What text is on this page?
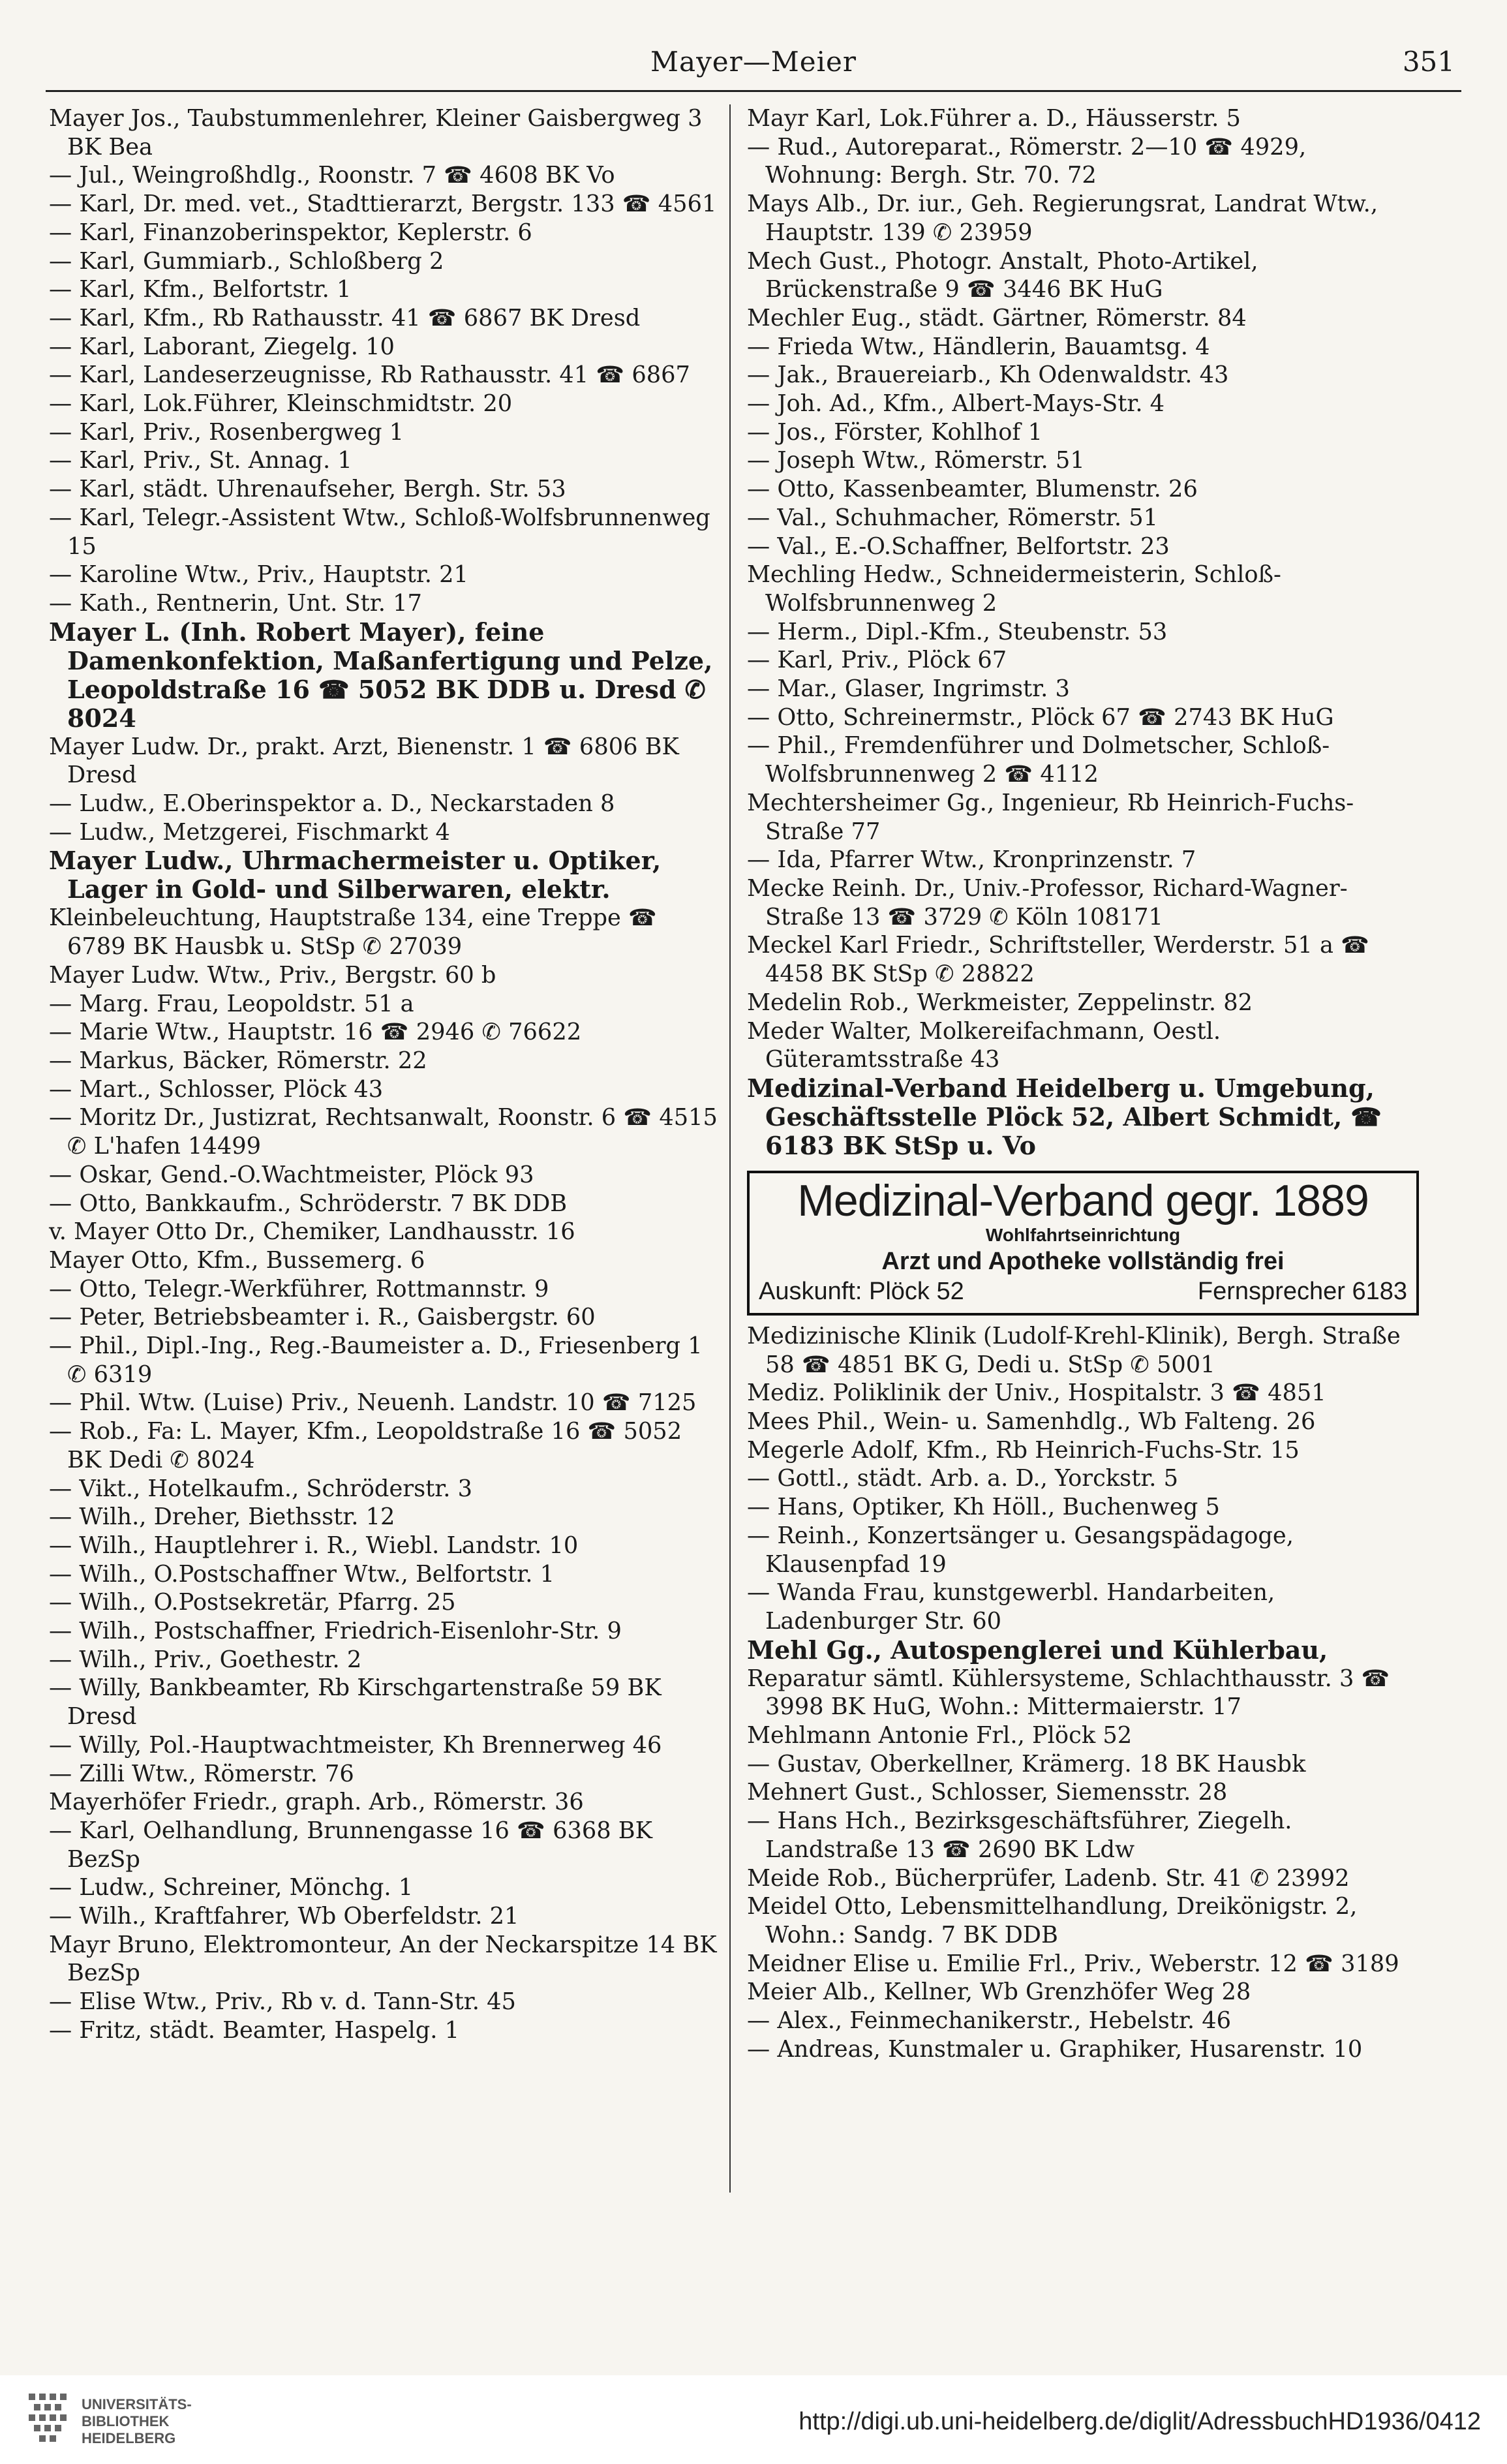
Mayer—Meier	351

Mayer Jos., Taubstummenlehrer, Kleiner Gaisbergweg 3 BK Bea

— Jul., Weingroßhdlg., Roonstr. 7 ☎ 4608 BK Vo

— Karl, Dr. med. vet., Stadttierarzt, Bergstr. 133 ☎ 4561

— Karl, Finanzoberinspektor, Keplerstr. 6

— Karl, Gummiarb., Schloßberg 2

— Karl, Kfm., Belfortstr. 1

— Karl, Kfm., Rb Rathausstr. 41 ☎ 6867 BK Dresd

— Karl, Laborant, Ziegelg. 10

— Karl, Landeserzeugnisse, Rb Rathausstr. 41 ☎ 6867

— Karl, Lok.Führer, Kleinschmidtstr. 20

— Karl, Priv., Rosenbergweg 1

— Karl, Priv., St. Annag. 1

— Karl, städt. Uhrenaufseher, Bergh. Str. 53

— Karl, Telegr.-Assistent Wtw., Schloß-Wolfsbrunnenweg 15

— Karoline Wtw., Priv., Hauptstr. 21

— Kath., Rentnerin, Unt. Str. 17

Mayer L. (Inh. Robert Mayer), feine Damenkonfektion, Maßanfertigung und Pelze, Leopoldstraße 16 ☎ 5052 BK DDB u. Dresd ✆ 8024

Mayer Ludw. Dr., prakt. Arzt, Bienenstr. 1 ☎ 6806 BK Dresd

— Ludw., E.Oberinspektor a. D., Neckarstaden 8

— Ludw., Metzgerei, Fischmarkt 4

Mayer Ludw., Uhrmachermeister u. Optiker, Lager in Gold- und Silberwaren, elektr.

Kleinbeleuchtung, Hauptstraße 134, eine Treppe ☎ 6789 BK Hausbk u. StSp ✆ 27039

Mayer Ludw. Wtw., Priv., Bergstr. 60 b

— Marg. Frau, Leopoldstr. 51 a

— Marie Wtw., Hauptstr. 16 ☎ 2946 ✆ 76622

— Markus, Bäcker, Römerstr. 22

— Mart., Schlosser, Plöck 43

— Moritz Dr., Justizrat, Rechtsanwalt, Roonstr. 6 ☎ 4515 ✆ L'hafen 14499

— Oskar, Gend.-O.Wachtmeister, Plöck 93

— Otto, Bankkaufm., Schröderstr. 7 BK DDB

v. Mayer Otto Dr., Chemiker, Landhausstr. 16

Mayer Otto, Kfm., Bussemerg. 6

— Otto, Telegr.-Werkführer, Rottmannstr. 9

— Peter, Betriebsbeamter i. R., Gaisbergstr. 60

— Phil., Dipl.-Ing., Reg.-Baumeister a. D., Friesenberg 1 ✆ 6319

— Phil. Wtw. (Luise) Priv., Neuenh. Landstr. 10 ☎ 7125

— Rob., Fa: L. Mayer, Kfm., Leopoldstraße 16 ☎ 5052 BK Dedi ✆ 8024

— Vikt., Hotelkaufm., Schröderstr. 3

— Wilh., Dreher, Biethsstr. 12

— Wilh., Hauptlehrer i. R., Wiebl. Landstr. 10

— Wilh., O.Postschaffner Wtw., Belfortstr. 1

— Wilh., O.Postsekretär, Pfarrg. 25

— Wilh., Postschaffner, Friedrich-Eisenlohr-Str. 9

— Wilh., Priv., Goethestr. 2

— Willy, Bankbeamter, Rb Kirschgartenstraße 59 BK Dresd

— Willy, Pol.-Hauptwachtmeister, Kh Brennerweg 46

— Zilli Wtw., Römerstr. 76

Mayerhöfer Friedr., graph. Arb., Römerstr. 36

— Karl, Oelhandlung, Brunnengasse 16 ☎ 6368 BK BezSp

— Ludw., Schreiner, Mönchg. 1

— Wilh., Kraftfahrer, Wb Oberfeldstr. 21

Mayr Bruno, Elektromonteur, An der Neckarspitze 14 BK BezSp

— Elise Wtw., Priv., Rb v. d. Tann-Str. 45

— Fritz, städt. Beamter, Haspelg. 1

Mayr Karl, Lok.Führer a. D., Häusserstr. 5

— Rud., Autoreparat., Römerstr. 2—10 ☎ 4929, Wohnung: Bergh. Str. 70. 72

Mays Alb., Dr. iur., Geh. Regierungsrat, Landrat Wtw., Hauptstr. 139 ✆ 23959

Mech Gust., Photogr. Anstalt, Photo-Artikel, Brückenstraße 9 ☎ 3446 BK HuG

Mechler Eug., städt. Gärtner, Römerstr. 84

— Frieda Wtw., Händlerin, Bauamtsg. 4

— Jak., Brauereiarb., Kh Odenwaldstr. 43

— Joh. Ad., Kfm., Albert-Mays-Str. 4

— Jos., Förster, Kohlhof 1

— Joseph Wtw., Römerstr. 51

— Otto, Kassenbeamter, Blumenstr. 26

— Val., Schuhmacher, Römerstr. 51

— Val., E.-O.Schaffner, Belfortstr. 23

Mechling Hedw., Schneidermeisterin, Schloß-Wolfsbrunnenweg 2

— Herm., Dipl.-Kfm., Steubenstr. 53

— Karl, Priv., Plöck 67

— Mar., Glaser, Ingrimstr. 3

— Otto, Schreinermstr., Plöck 67 ☎ 2743 BK HuG

— Phil., Fremdenführer und Dolmetscher, Schloß-Wolfsbrunnenweg 2 ☎ 4112

Mechtersheimer Gg., Ingenieur, Rb Heinrich-Fuchs-Straße 77

— Ida, Pfarrer Wtw., Kronprinzenstr. 7

Mecke Reinh. Dr., Univ.-Professor, Richard-Wagner-Straße 13 ☎ 3729 ✆ Köln 108171

Meckel Karl Friedr., Schriftsteller, Werderstr. 51 a ☎ 4458 BK StSp ✆ 28822

Medelin Rob., Werkmeister, Zeppelinstr. 82

Meder Walter, Molkereifachmann, Oestl. Güteramtsstraße 43

Medizinal-Verband Heidelberg u. Umgebung, Geschäftsstelle Plöck 52, Albert Schmidt, ☎ 6183 BK StSp u. Vo

Medizinal-Verband gegr. 1889
Wohlfahrtseinrichtung
Arzt und Apotheke vollständig frei
Auskunft: Plöck 52	Fernsprecher 6183

Medizinische Klinik (Ludolf-Krehl-Klinik), Bergh. Straße 58 ☎ 4851 BK G, Dedi u. StSp ✆ 5001

Mediz. Poliklinik der Univ., Hospitalstr. 3 ☎ 4851

Mees Phil., Wein- u. Samenhdlg., Wb Falteng. 26

Megerle Adolf, Kfm., Rb Heinrich-Fuchs-Str. 15

— Gottl., städt. Arb. a. D., Yorckstr. 5

— Hans, Optiker, Kh Höll., Buchenweg 5

— Reinh., Konzertsänger u. Gesangspädagoge, Klausenpfad 19

— Wanda Frau, kunstgewerbl. Handarbeiten, Ladenburger Str. 60

Mehl Gg., Autospenglerei und Kühlerbau,

Reparatur sämtl. Kühlersysteme, Schlachthausstr. 3 ☎ 3998 BK HuG, Wohn.: Mittermaierstr. 17

Mehlmann Antonie Frl., Plöck 52

— Gustav, Oberkellner, Krämerg. 18 BK Hausbk

Mehnert Gust., Schlosser, Siemensstr. 28

— Hans Hch., Bezirksgeschäftsführer, Ziegelh. Landstraße 13 ☎ 2690 BK Ldw

Meide Rob., Bücherprüfer, Ladenb. Str. 41 ✆ 23992

Meidel Otto, Lebensmittelhandlung, Dreikönigstr. 2, Wohn.: Sandg. 7 BK DDB

Meidner Elise u. Emilie Frl., Priv., Weberstr. 12 ☎ 3189

Meier Alb., Kellner, Wb Grenzhöfer Weg 28

— Alex., Feinmechanikerstr., Hebelstr. 46

— Andreas, Kunstmaler u. Graphiker, Husarenstr. 10

UNIVERSITÄTS-
BIBLIOTHEK
HEIDELBERG
http://digi.ub.uni-heidelberg.de/diglit/AdressbuchHD1936/0412
